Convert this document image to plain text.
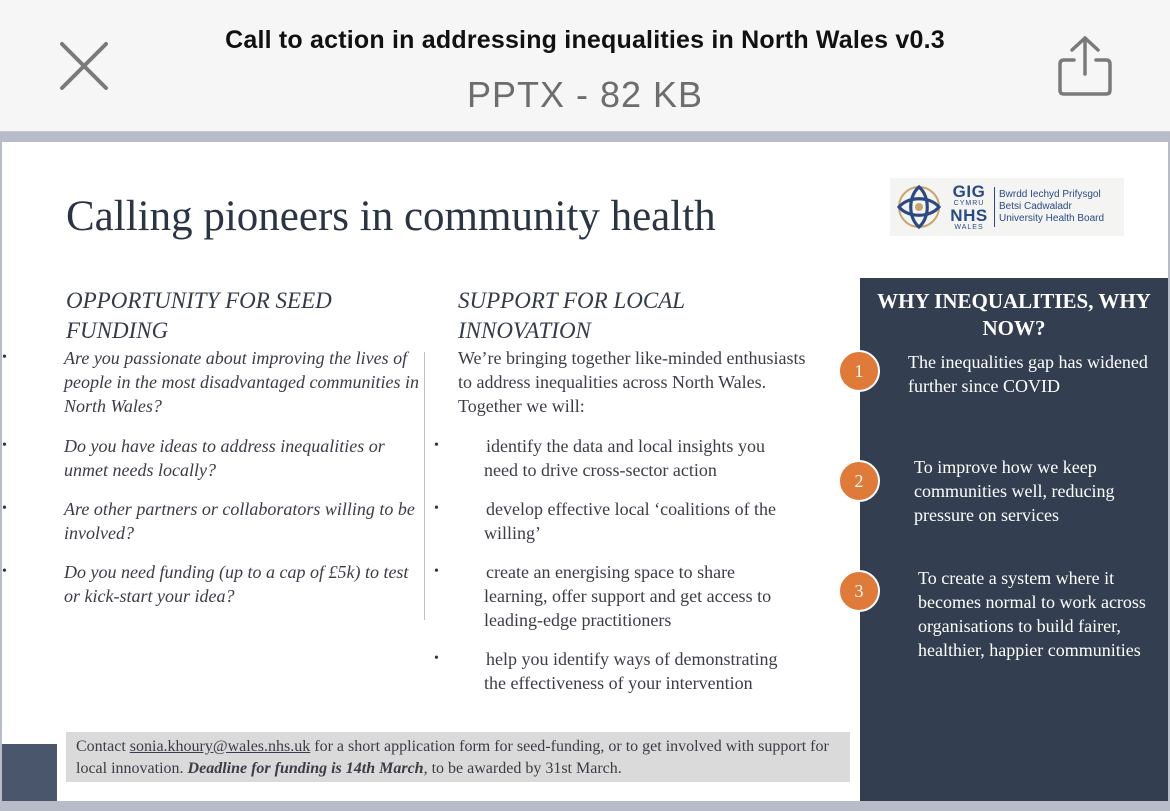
Call to action in addressing inequalities in North Wales v0.3
PPTX - 82 KB
Calling pioneers in community health
GIG
CYMRU
NHS
WALES
Bwrdd Iechyd Prifysgol
Betsi Cadwaladr
University Health Board
OPPORTUNITY FOR SEED FUNDING
•	Are you passionate about improving the lives of people in the most disadvantaged communities in North Wales?
•	Do you have ideas to address inequalities or unmet needs locally?
•	Are other partners or collaborators willing to be involved?
•	Do you need funding (up to a cap of £5k) to test or kick-start your idea?
SUPPORT FOR LOCAL INNOVATION
We’re bringing together like-minded enthusiasts to address inequalities across North Wales. Together we will:
•	identify the data and local insights you need to drive cross-sector action
•	develop effective local ‘coalitions of the willing’
•	create an energising space to share learning, offer support and get access to leading-edge practitioners
•	help you identify ways of demonstrating the effectiveness of your intervention
Contact sonia.khoury@wales.nhs.uk for a short application form for seed-funding, or to get involved with support for local innovation. Deadline for funding is 14th March, to be awarded by 31st March.
WHY INEQUALITIES, WHY NOW?
1	The inequalities gap has widened further since COVID
2
To improve how we keep communities well, reducing pressure on services
3
To create a system where it becomes normal to work across organisations to build fairer, healthier, happier communities
